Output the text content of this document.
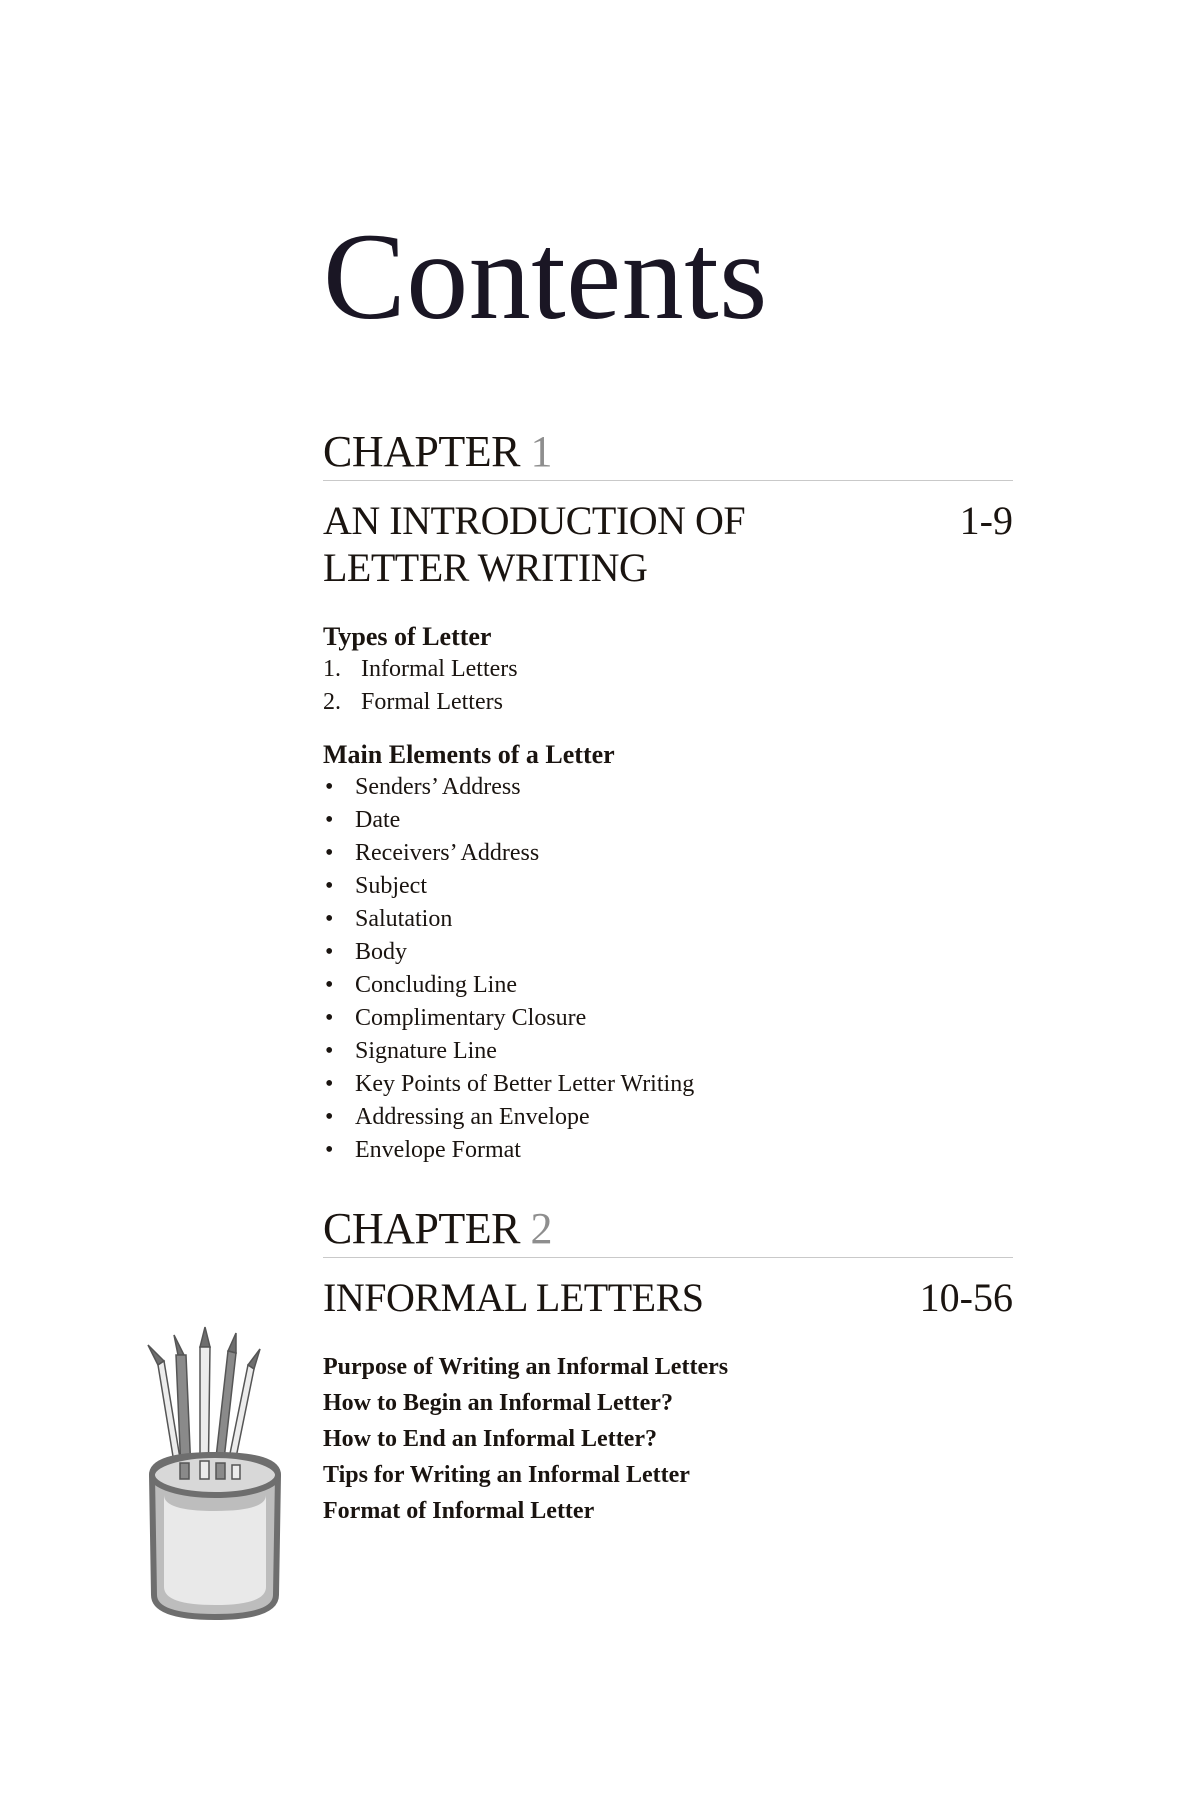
Contents
CHAPTER 1
AN INTRODUCTION OF
LETTER WRITING
1-9
Types of Letter
1. Informal Letters
2. Formal Letters
Main Elements of a Letter
• Senders’ Address
• Date
• Receivers’ Address
• Subject
• Salutation
• Body
• Concluding Line
• Complimentary Closure
• Signature Line
• Key Points of Better Letter Writing
• Addressing an Envelope
• Envelope Format
CHAPTER 2
INFORMAL LETTERS	10-56
Purpose of Writing an Informal Letters
How to Begin an Informal Letter?
How to End an Informal Letter?
Tips for Writing an Informal Letter
Format of Informal Letter
